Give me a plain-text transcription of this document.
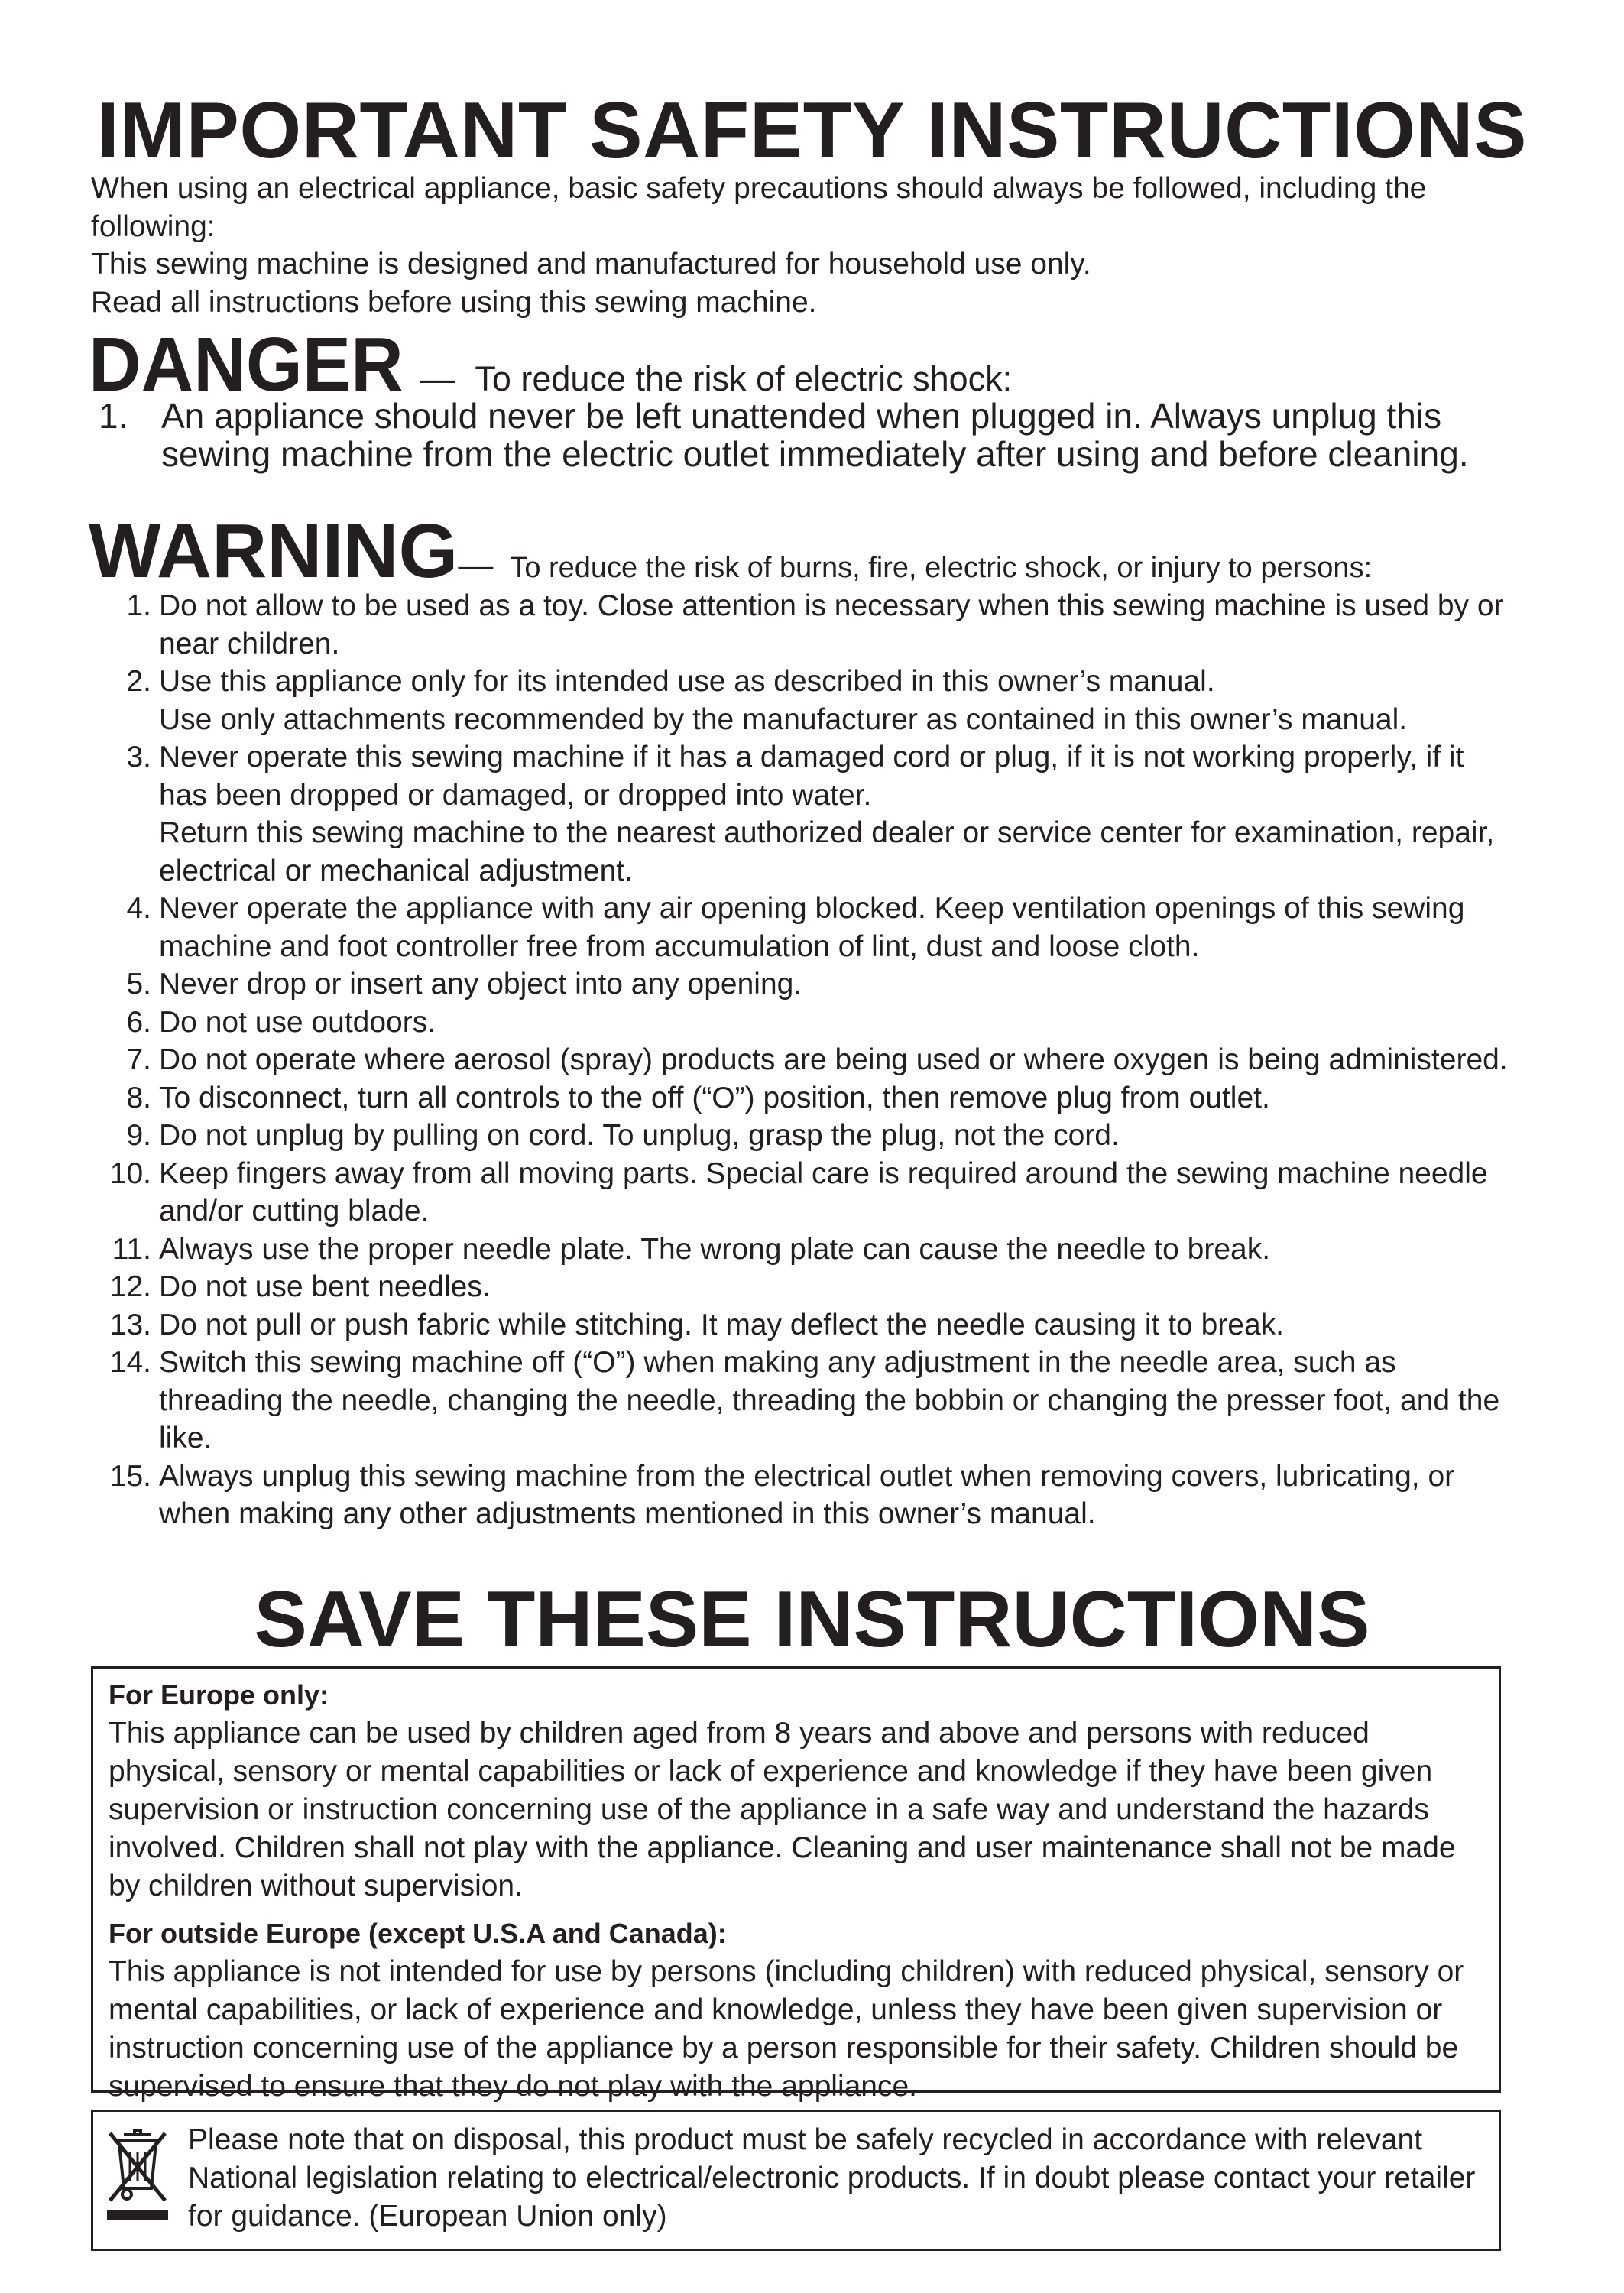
IMPORTANT SAFETY INSTRUCTIONS

When using an electrical appliance, basic safety precautions should always be followed, including the following:

This sewing machine is designed and manufactured for household use only.

Read all instructions before using this sewing machine.

DANGER — To reduce the risk of electric shock:
1. An appliance should never be left unattended when plugged in. Always unplug this sewing machine from the electric outlet immediately after using and before cleaning.
WARNING— To reduce the risk of burns, fire, electric shock, or injury to persons:
1. Do not allow to be used as a toy. Close attention is necessary when this sewing machine is used by or near children.

2. Use this appliance only for its intended use as described in this owner’s manual.

Use only attachments recommended by the manufacturer as contained in this owner’s manual.

3. Never operate this sewing machine if it has a damaged cord or plug, if it is not working properly, if it has been dropped or damaged, or dropped into water.

Return this sewing machine to the nearest authorized dealer or service center for examination, repair, electrical or mechanical adjustment.

4. Never operate the appliance with any air opening blocked. Keep ventilation openings of this sewing machine and foot controller free from accumulation of lint, dust and loose cloth.

5. Never drop or insert any object into any opening.

6. Do not use outdoors.

7. Do not operate where aerosol (spray) products are being used or where oxygen is being administered.

8. To disconnect, turn all controls to the off (“O”) position, then remove plug from outlet.

9. Do not unplug by pulling on cord. To unplug, grasp the plug, not the cord.

10. Keep fingers away from all moving parts. Special care is required around the sewing machine needle and/or cutting blade.

11. Always use the proper needle plate. The wrong plate can cause the needle to break.

12. Do not use bent needles.

13. Do not pull or push fabric while stitching. It may deflect the needle causing it to break.

14. Switch this sewing machine off (“O”) when making any adjustment in the needle area, such as threading the needle, changing the needle, threading the bobbin or changing the presser foot, and the like.

15. Always unplug this sewing machine from the electrical outlet when removing covers, lubricating, or when making any other adjustments mentioned in this owner’s manual.

SAVE THESE INSTRUCTIONS
For Europe only:

This appliance can be used by children aged from 8 years and above and persons with reduced physical, sensory or mental capabilities or lack of experience and knowledge if they have been given supervision or instruction concerning use of the appliance in a safe way and understand the hazards involved. Children shall not play with the appliance. Cleaning and user maintenance shall not be made by children without supervision.

For outside Europe (except U.S.A and Canada):

This appliance is not intended for use by persons (including children) with reduced physical, sensory or mental capabilities, or lack of experience and knowledge, unless they have been given supervision or instruction concerning use of the appliance by a person responsible for their safety. Children should be supervised to ensure that they do not play with the appliance.

Please note that on disposal, this product must be safely recycled in accordance with relevant National legislation relating to electrical/electronic products. If in doubt please contact your retailer for guidance. (European Union only)
